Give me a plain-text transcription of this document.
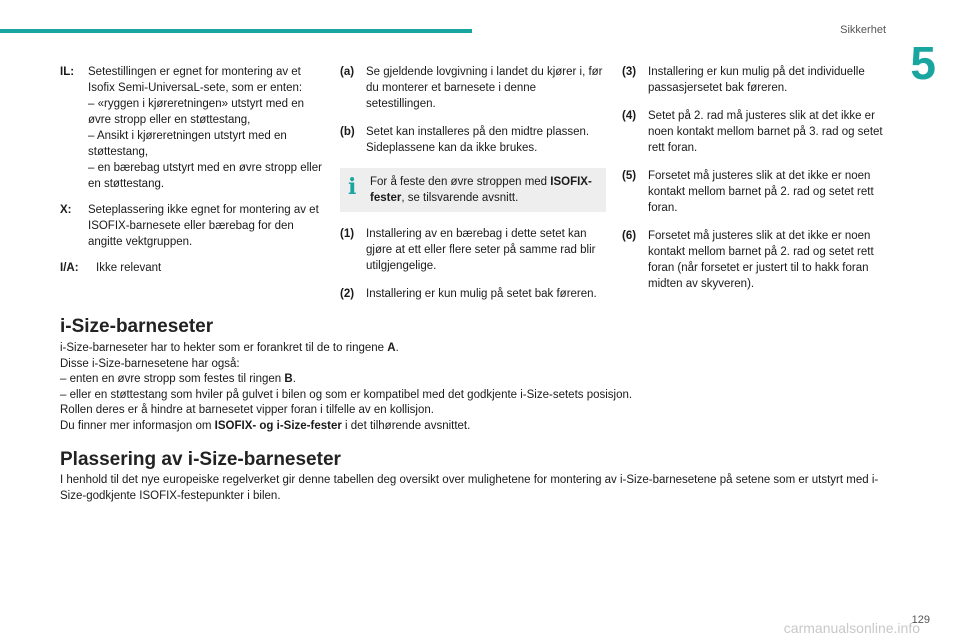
Sikkerhet
5
IL:	Setestillingen er egnet for montering av et Isofix Semi-UniversaL-sete, som er enten:

– «ryggen i kjøreretningen» utstyrt med en øvre stropp eller en støttestang,

– Ansikt i kjøreretningen utstyrt med en støttestang,

– en bærebag utstyrt med en øvre stropp eller en støttestang.

X:	Seteplassering ikke egnet for montering av et ISOFIX-barnesete eller bærebag for den angitte vektgruppen.

I/A:	Ikke relevant

(a)	Se gjeldende lovgivning i landet du kjører i, før du monterer et barnesete i denne setestillingen.
(b) Setet kan installeres på den midtre plassen. Sideplassene kan da ikke brukes.
i	For å feste den øvre stroppen med ISOFIX-fester, se tilsvarende avsnitt.
(1)	Installering av en bærebag i dette setet kan gjøre at ett eller flere seter på samme rad blir utilgjengelige.
(2)	Installering er kun mulig på setet bak føreren.
(3)	Installering er kun mulig på det individuelle passasjersetet bak føreren.
(4)	Setet på 2. rad må justeres slik at det ikke er noen kontakt mellom barnet på 3. rad og setet rett foran.
(5)	Forsetet må justeres slik at det ikke er noen kontakt mellom barnet på 2. rad og setet rett foran.
(6)	Forsetet må justeres slik at det ikke er noen kontakt mellom barnet på 2. rad og setet rett foran (når forsetet er justert til to hakk foran midten av skyveren).
i-Size-barneseter

i-Size-barneseter har to hekter som er forankret til de to ringene A.

Disse i-Size-barnesetene har også:

– enten en øvre stropp som festes til ringen B.

– eller en støttestang som hviler på gulvet i bilen og som er kompatibel med det godkjente i-Size-setets posisjon.

Rollen deres er å hindre at barnesetet vipper foran i tilfelle av en kollisjon.

Du finner mer informasjon om ISOFIX- og i-Size-fester i det tilhørende avsnittet.

Plassering av i-Size-barneseter

I henhold til det nye europeiske regelverket gir denne tabellen deg oversikt over mulighetene for montering av i-Size-barnesetene på setene som er utstyrt med i-Size-godkjente ISOFIX-festepunkter i bilen.

129
carmanualsonline.info
